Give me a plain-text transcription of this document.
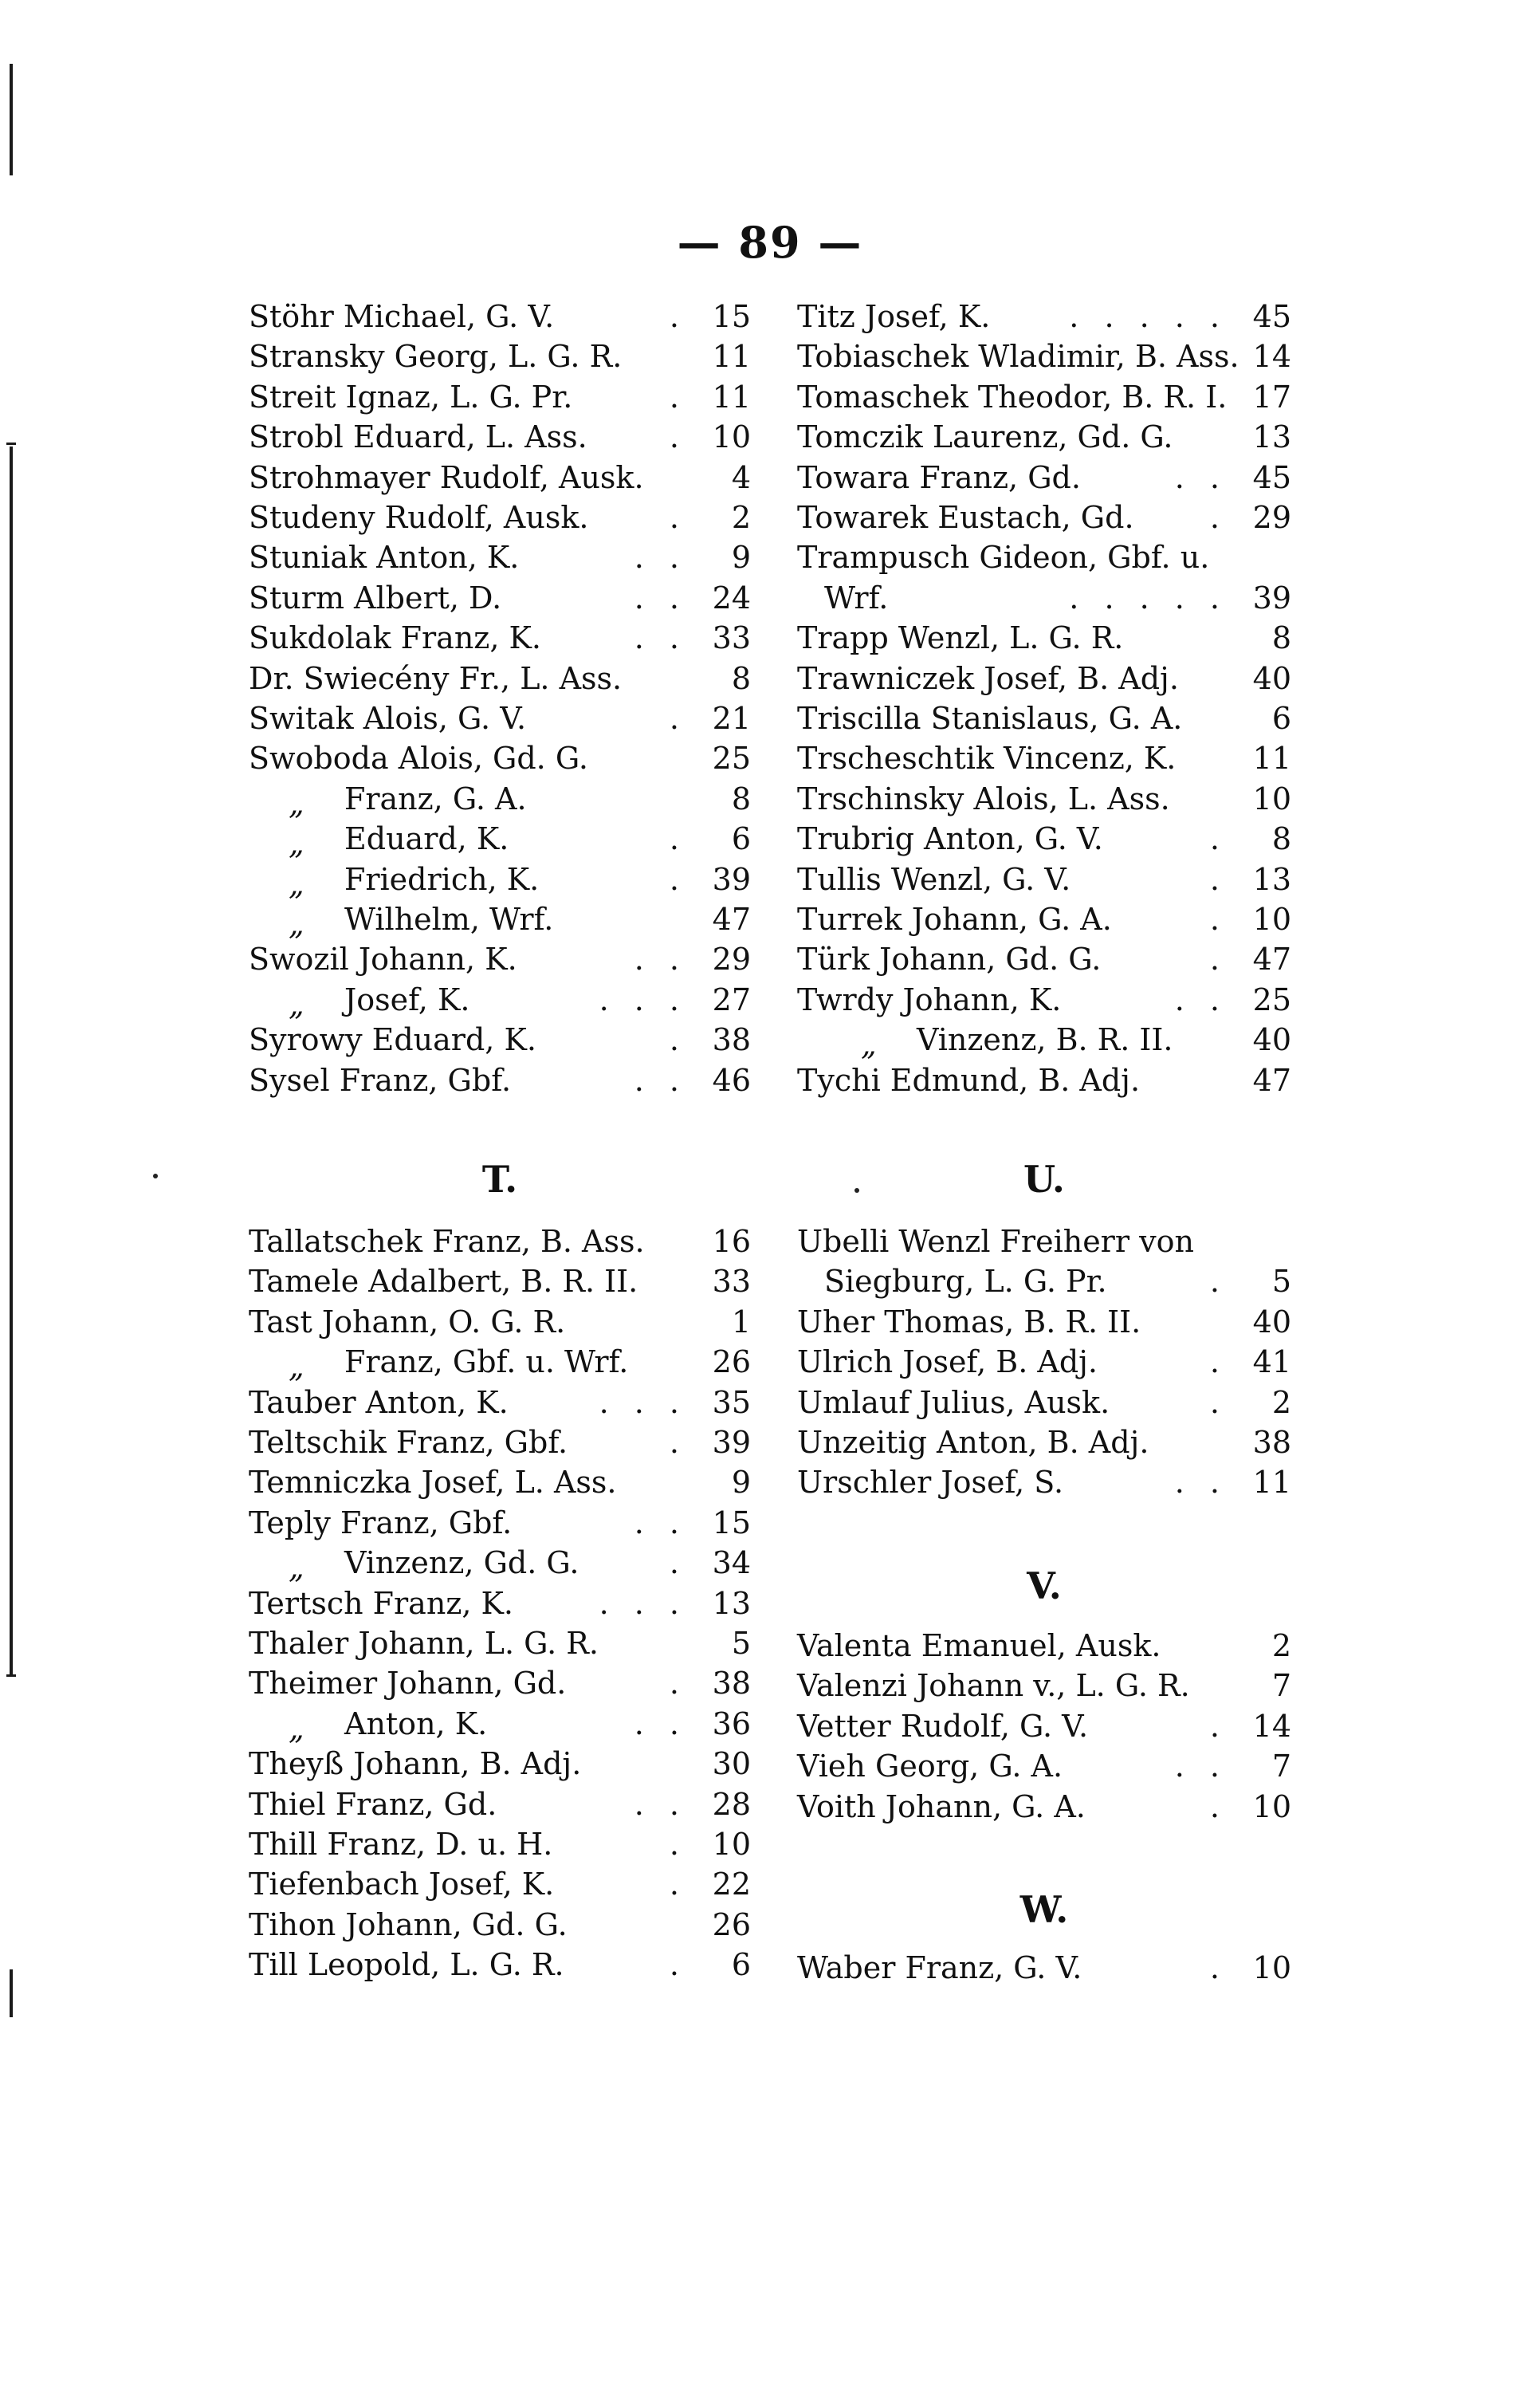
— 89 —
Stöhr Michael, G. V.	. 15
Stransky Georg, L. G. R.	11
Streit Ignaz, L. G. Pr.	. 11
Strobl Eduard, L. Ass.	. 10
Strohmayer Rudolf, Ausk.	4
Studeny Rudolf, Ausk.	. 2
Stuniak Anton, K.	. . 9
Sturm Albert, D.	. . 24
Sukdolak Franz, K.	. . 33
Dr. Swiecény Fr., L. Ass.	8
Switak Alois, G. V.	. 21
Swoboda Alois, Gd. G.	25
„ Franz, G. A.	8
„ Eduard, K.	. 6
„ Friedrich, K.	. 39
„ Wilhelm, Wrf.	47
Swozil Johann, K.	. . 29
„ Josef, K.	. . . 27
Syrowy Eduard, K.	. 38
Sysel Franz, Gbf.	. . 46
T.
Tallatschek Franz, B. Ass. 16
Tamele Adalbert, B. R. II. 33
Tast Johann, O. G. R.	1
„ Franz, Gbf. u. Wrf.	26
Tauber Anton, K.	. . . 35
Teltschik Franz, Gbf.	. 39
Temniczka Josef, L. Ass.	9
Teply Franz, Gbf.	. . 15
„ Vinzenz, Gd. G.	. 34
Tertsch Franz, K.	. . . 13
Thaler Johann, L. G. R.	5
Theimer Johann, Gd.	. 38
„ Anton, K.	. . 36
Theyß Johann, B. Adj.	30
Thiel Franz, Gd.	. . 28
Thill Franz, D. u. H.	. 10
Tiefenbach Josef, K.	. 22
Tihon Johann, Gd. G.	26
Till Leopold, L. G. R.	. 6
Titz Josef, K.	. . . . . 45
Tobiaschek Wladimir, B. Ass. 14
Tomaschek Theodor, B. R. I. 17
Tomczik Laurenz, Gd. G.	13
Towara Franz, Gd.	. . 45
Towarek Eustach, Gd.	. 29
Trampusch Gideon, Gbf. u.
Wrf.	. . . . . 39
Trapp Wenzl, L. G. R.	8
Trawniczek Josef, B. Adj. 40
Triscilla Stanislaus, G. A.	6
Trscheschtik Vincenz, K.	11
Trschinsky Alois, L. Ass.	10
Trubrig Anton, G. V.	. 8
Tullis Wenzl, G. V.	. 13
Turrek Johann, G. A.	. 10
Türk Johann, Gd. G.	. 47
Twrdy Johann, K.	. . 25
„ Vinzenz, B. R. II.	40
Tychi Edmund, B. Adj.	47
U.
Ubelli Wenzl Freiherr von
Siegburg, L. G. Pr.	. 5
Uher Thomas, B. R. II.	40
Ulrich Josef, B. Adj.	. 41
Umlauf Julius, Ausk.	. 2
Unzeitig Anton, B. Adj.	38
Urschler Josef, S.	. . 11
V.
Valenta Emanuel, Ausk.	2
Valenzi Johann v., L. G. R.	7
Vetter Rudolf, G. V.	. 14
Vieh Georg, G. A.	. . 7
Voith Johann, G. A.	. 10
W.
Waber Franz, G. V.	. 10
